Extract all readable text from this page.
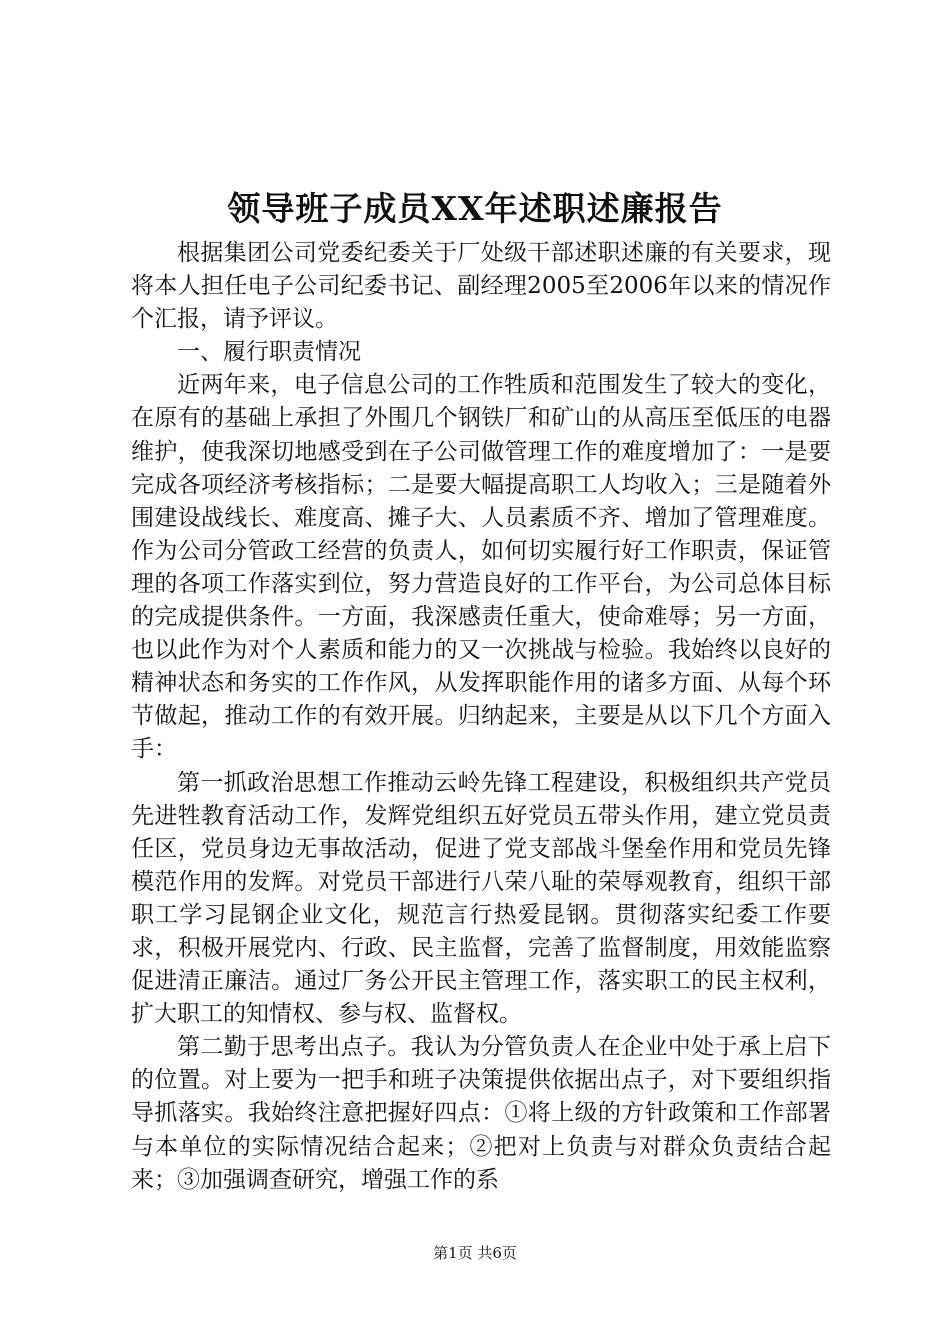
领导班子成员XX年述职述廉报告

根据集团公司党委纪委关于厂处级干部述职述廉的有关要求，现将本人担任电子公司纪委书记、副经理2005至2006年以来的情况作个汇报，请予评议。

一、履行职责情况

近两年来，电子信息公司的工作牲质和范围发生了较大的变化，在原有的基础上承担了外围几个钢铁厂和矿山的从高压至低压的电器维护，使我深切地感受到在子公司做管理工作的难度增加了：一是要完成各项经济考核指标；二是要大幅提高职工人均收入；三是随着外围建设战线长、难度高、摊子大、人员素质不齐、增加了管理难度。作为公司分管政工经营的负责人，如何切实履行好工作职责，保证管理的各项工作落实到位，努力营造良好的工作平台，为公司总体目标的完成提供条件。一方面，我深感责任重大，使命难辱；另一方面，也以此作为对个人素质和能力的又一次挑战与检验。我始终以良好的精神状态和务实的工作作风，从发挥职能作用的诸多方面、从每个环节做起，推动工作的有效开展。归纳起来，主要是从以下几个方面入手：

第一抓政治思想工作推动云岭先锋工程建设，积极组织共产党员先进牲教育活动工作，发辉党组织五好党员五带头作用，建立党员责任区，党员身边无事故活动，促进了党支部战斗堡垒作用和党员先锋模范作用的发辉。对党员干部进行八荣八耻的荣辱观教育，组织干部职工学习昆钢企业文化，规范言行热爱昆钢。贯彻落实纪委工作要求，积极开展党内、行政、民主监督，完善了监督制度，用效能监察促进清正廉洁。通过厂务公开民主管理工作，落实职工的民主权利，扩大职工的知情权、参与权、监督权。

第二勤于思考出点子。我认为分管负责人在企业中处于承上启下的位置。对上要为一把手和班子决策提供依据出点子，对下要组织指导抓落实。我始终注意把握好四点：①将上级的方针政策和工作部署与本单位的实际情况结合起来；②把对上负责与对群众负责结合起来；③加强调查研究，增强工作的系

第1页 共6页
